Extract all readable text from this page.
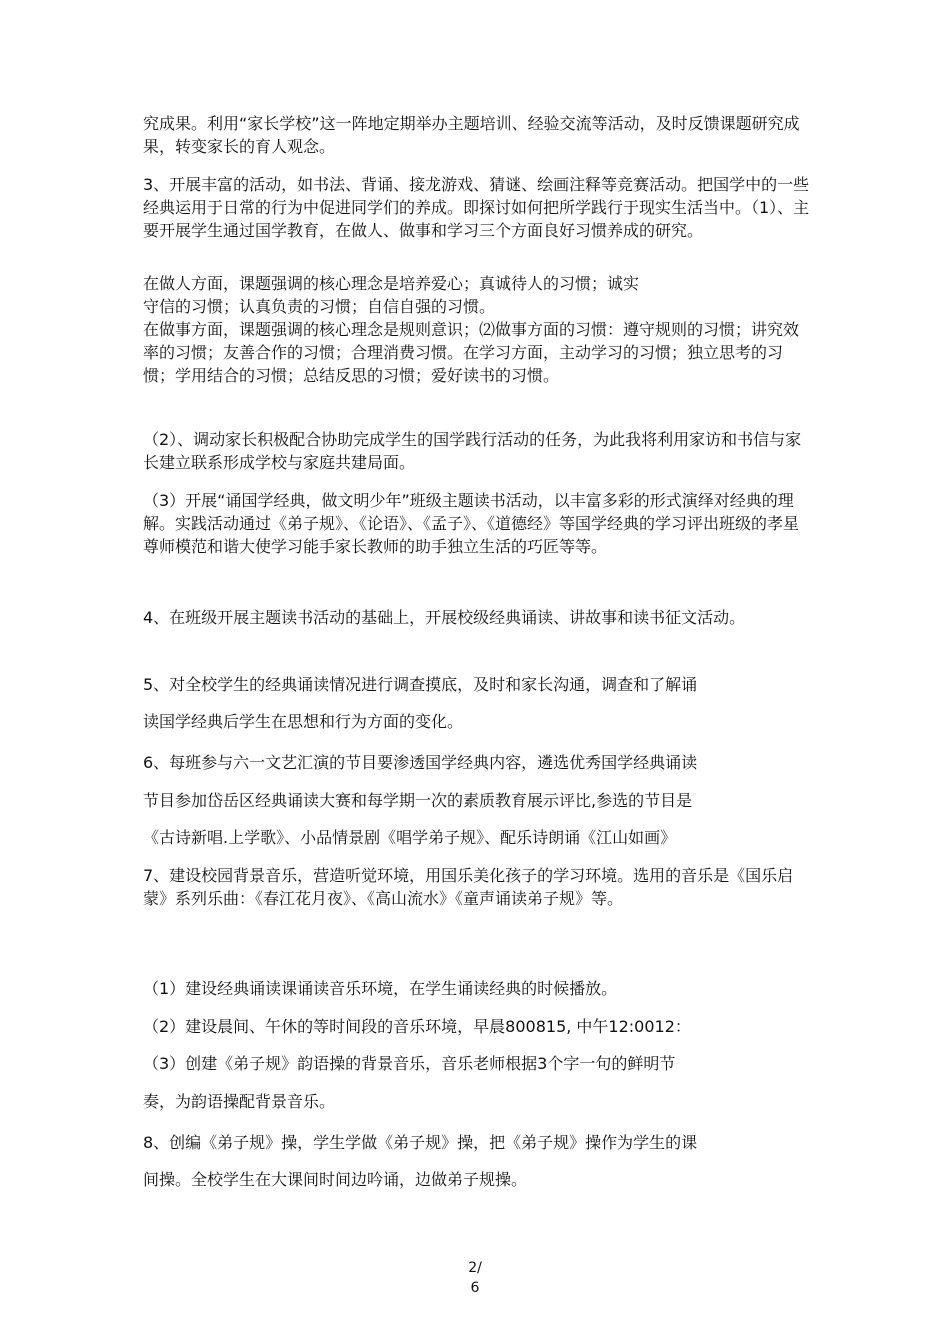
究成果。利用“家长学校”这一阵地定期举办主题培训、经验交流等活动，及时反馈课题研究成果，转变家长的育人观念。

3、开展丰富的活动，如书法、背诵、接龙游戏、猜谜、绘画注释等竞赛活动。把国学中的一些经典运用于日常的行为中促进同学们的养成。即探讨如何把所学践行于现实生活当中。（1）、主要开展学生通过国学教育，在做人、做事和学习三个方面良好习惯养成的研究。

在做人方面，课题强调的核心理念是培养爱心；真诚待人的习惯；诚实

守信的习惯；认真负责的习惯；自信自强的习惯。

在做事方面，课题强调的核心理念是规则意识；⑵做事方面的习惯：遵守规则的习惯；讲究效率的习惯；友善合作的习惯；合理消费习惯。在学习方面，主动学习的习惯；独立思考的习惯；学用结合的习惯；总结反思的习惯；爱好读书的习惯。

（2）、调动家长积极配合协助完成学生的国学践行活动的任务，为此我将利用家访和书信与家长建立联系形成学校与家庭共建局面。

（3）开展“诵国学经典，做文明少年”班级主题读书活动，以丰富多彩的形式演绎对经典的理解。实践活动通过《弟子规》、《论语》、《孟子》、《道德经》等国学经典的学习评出班级的孝星尊师模范和谐大使学习能手家长教师的助手独立生活的巧匠等等。

4、在班级开展主题读书活动的基础上，开展校级经典诵读、讲故事和读书征文活动。

5、对全校学生的经典诵读情况进行调查摸底，及时和家长沟通，调查和了解诵

读国学经典后学生在思想和行为方面的变化。

6、每班参与六一文艺汇演的节目要渗透国学经典内容，遴选优秀国学经典诵读

节目参加岱岳区经典诵读大赛和每学期一次的素质教育展示评比,参选的节目是

《古诗新唱.上学歌》、小品情景剧《唱学弟子规》、配乐诗朗诵《江山如画》

7、建设校园背景音乐，营造听觉环境，用国乐美化孩子的学习环境。选用的音乐是《国乐启蒙》系列乐曲：《春江花月夜》、《高山流水》《童声诵读弟子规》等。

（1）建设经典诵读课诵读音乐环境，在学生诵读经典的时候播放。

（2）建设晨间、午休的等时间段的音乐环境，早晨800815, 中午12:0012：

（3）创建《弟子规》韵语操的背景音乐，音乐老师根据3个字一句的鲜明节

奏，为韵语操配背景音乐。

8、创编《弟子规》操，学生学做《弟子规》操，把《弟子规》操作为学生的课

间操。全校学生在大课间时间边吟诵，边做弟子规操。

2/
6
